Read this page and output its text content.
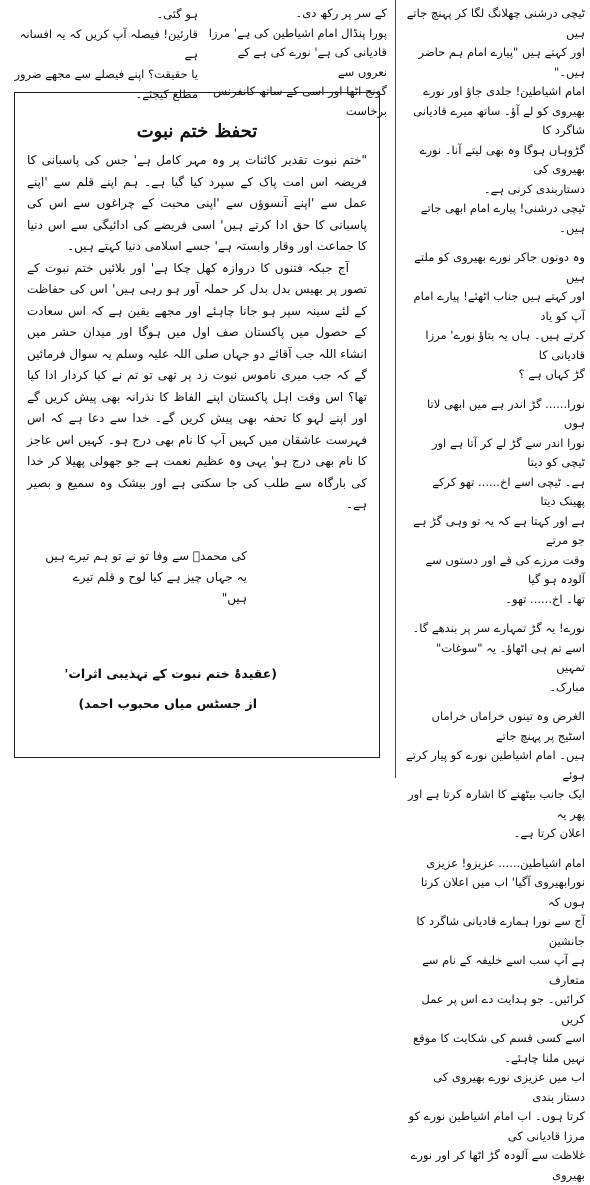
ٹیچی درشنی چھلانگ لگا کر پہنچ جاتے ہیں

اور کہتے ہیں "پیارے امام ہم حاضر ہیں۔"

امام اشیاطین! جلدی جاؤ اور نورے

بھیروی کو لے آؤ۔ ساتھ میرے قادیانی شاگرد کا

گڑوہاں ہوگا وہ بھی لیتے آنا۔ نورے بھیروی کی

دستاربندی کرنی ہے۔

ٹیچی درشنی! پیارے امام ابھی جاتے

ہیں۔

وہ دونوں جاکر نورے بھیروی کو ملتے ہیں

اور کہتے ہیں جناب اٹھئے! پیارے امام آپ کو یاد

کرتے ہیں۔ ہاں یہ بتاؤ نورے' مرزا قادیانی کا

گڑ کہاں ہے ؟

نورا...... گڑ اندر ہے میں ابھی لاتا ہوں

نورا اندر سے گڑ لے کر آتا ہے اور ٹیچی کو دیتا

ہے۔ ٹیچی اسے اخ...... تھو کرکے پھینک دیتا

ہے اور کہتا ہے کہ یہ تو وہی گڑ ہے جو مرتے

وقت مرزے کی قے اور دستوں سے آلودہ ہو گیا

تھا۔ اخ...... تھو۔

نورے! یہ گڑ تمہارے سر پر بندھے گا۔

اسے تم ہی اٹھاؤ۔ یہ "سوغات" تمہیں

مبارک۔

الغرض وہ تینوں خراماں خراماں اسٹیج پر پہنچ جاتے

ہیں۔ امام اشیاطین نورے کو پیار کرتے ہوئے

ایک جانب بیٹھنے کا اشارہ کرتا ہے اور پھر یہ

اعلان کرتا ہے۔

امام اشیاطین...... عزیزو! عزیزی

نورابھیروی آگیا' اب میں اعلان کرتا ہوں کہ

آج سے نورا ہمارے قادیانی شاگرد کا جانشین

ہے آپ سب اسے خلیفہ کے نام سے متعارف

کرائیں۔ جو ہدایت دے اس پر عمل کریں

اسے کسی قسم کی شکایت کا موقع نہیں ملنا چاہئے۔

اب میں عزیزی نورے بھیروی کی دستار بندی

کرتا ہوں۔ اب امام اشیاطین نورے کو مرزا قادیانی کی

غلاظت سے آلودہ گڑ اٹھا کر اور نورے بھیروی

ہو گئی۔

قارئین! فیصلہ آپ کریں کہ یہ افسانہ ہے

یا حقیقت؟ اپنے فیصلے سے مجھے ضرور مطلع کیجئے۔

کے سر پر رکھ دی۔

پورا پنڈال امام اشیاطین کی ہے' مرزا

قادیانی کی ہے' نورے کی ہے کے نعروں سے

گونج اٹھا اور اسی کے ساتھ کانفرنس برخاست

تحفظ ختم نبوت

"ختم نبوت تقدیر کائنات پر وہ مہر کامل ہے' جس کی پاسبانی کا فریضہ اس امت پاک کے سپرد کیا گیا ہے۔ ہم اپنے قلم سے 'اپنے عمل سے 'اپنے آنسوؤں سے 'اپنی محبت کے چراغوں سے اس کی پاسبانی کا حق ادا کرتے ہیں' اسی فریضے کی ادائیگی سے اس دنیا کا جماعت اور وقار وابستہ ہے' جسے اسلامی دنیا کہتے ہیں۔

آج جبکہ فتنوں کا دروازہ کھل چکا ہے' اور بلائیں ختم نبوت کے تصور پر بھیس بدل بدل کر حملہ آور ہو رہی ہیں' اس کی حفاظت کے لئے سینہ سپر ہو جانا چاہئے اور مجھے یقین ہے کہ اس سعادت کے حصول میں پاکستان صف اول میں ہوگا اور میدان حشر میں انشاء اللہ جب آقائے دو جہاں صلی اللہ علیہ وسلم یہ سوال فرمائیں گے کہ جب میری ناموس نبوت زد پر تھی تو تم نے کیا کردار ادا کیا تھا؟ اس وقت اہل پاکستان اپنے الفاظ کا نذرانہ بھی پیش کریں گے اور اپنے لہو کا تحفہ بھی پیش کریں گے۔ خدا سے دعا ہے کہ اس فہرست عاشقان میں کہیں آپ کا نام بھی درج ہو۔ کہیں اس عاجز کا نام بھی درج ہو' یہی وہ عظیم نعمت ہے جو جھولی پھیلا کر خدا کی بارگاہ سے طلب کی جا سکتی ہے اور بیشک وہ سمیع و بصیر ہے۔

کی محمدؐ سے وفا تو نے تو ہم تیرے ہیں

یہ جہاں چیز ہے کیا لوح و قلم تیرے

ہیں"

(عقیدۂ ختم نبوت کے تہذیبی اثرات'

از جسٹس میاں محبوب احمد)
